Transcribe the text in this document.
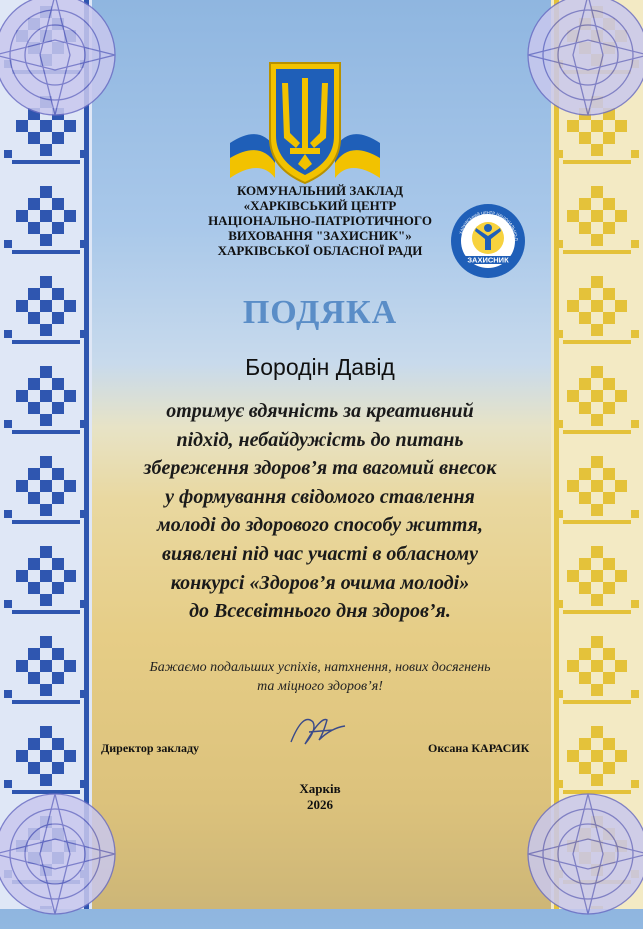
КОМУНАЛЬНИЙ ЗАКЛАД
«ХАРКІВСЬКИЙ ЦЕНТР
НАЦІОНАЛЬНО-ПАТРІОТИЧНОГО
ВИХОВАННЯ "ЗАХИСНИК"»
ХАРКІВСЬКОЇ ОБЛАСНОЇ РАДИ
ЗАХИСНИК
ХАРКІВСЬКИЙ ЦЕНТР НАЦІОНАЛЬНО-П
ПОДЯКА
Бородін Давід
отримує вдячність за креативний
підхід, небайдужість до питань
збереження здоров’я та вагомий внесок
у формування свідомого ставлення
молоді до здорового способу життя,
виявлені під час участі в обласному
конкурсі «Здоров’я очима молоді»
до Всесвітнього дня здоров’я.
Бажаємо подальших успіхів, натхнення, нових досягнень
та міцного здоров’я!
Директор закладу	Оксана КАРАСИК
Харків
2026
